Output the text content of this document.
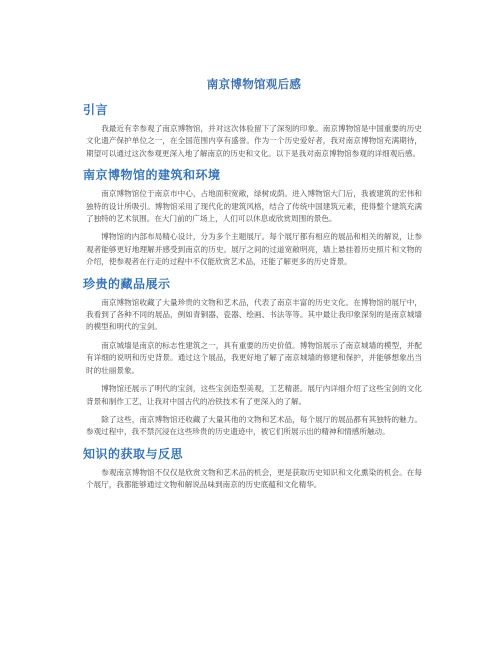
南京博物馆观后感
引言

我最近有幸参观了南京博物馆，并对这次体验留下了深刻的印象。南京博物馆是中国重要的历史文化遗产保护单位之一，在全国范围内享有盛誉。作为一个历史爱好者，我对南京博物馆充满期待，期望可以通过这次参观更深入地了解南京的历史和文化。以下是我对南京博物馆参观的详细观后感。

南京博物馆的建筑和环境

南京博物馆位于南京市中心，占地面积宽敞，绿树成荫。进入博物馆大门后，我被建筑的宏伟和独特的设计所吸引。博物馆采用了现代化的建筑风格，结合了传统中国建筑元素，使得整个建筑充满了独特的艺术氛围。在大门前的广场上，人们可以休息或欣赏周围的景色。

博物馆的内部布局精心设计，分为多个主题展厅。每个展厅都有相应的展品和相关的解说，让参观者能够更好地理解并感受到南京的历史。展厅之间的过道宽敞明亮，墙上悬挂着历史照片和文物的介绍，使参观者在行走的过程中不仅能欣赏艺术品，还能了解更多的历史背景。

珍贵的藏品展示

南京博物馆收藏了大量珍贵的文物和艺术品，代表了南京丰富的历史文化。在博物馆的展厅中，我看到了各种不同的展品，例如青铜器、瓷器、绘画、书法等等。其中最让我印象深刻的是南京城墙的模型和明代的宝剑。

南京城墙是南京的标志性建筑之一，具有重要的历史价值。博物馆展示了南京城墙的模型，并配有详细的说明和历史背景。通过这个展品，我更好地了解了南京城墙的修建和保护，并能够想象出当时的壮丽景象。

博物馆还展示了明代的宝剑，这些宝剑造型美观，工艺精湛。展厅内详细介绍了这些宝剑的文化背景和制作工艺，让我对中国古代的冶铁技术有了更深入的了解。

除了这些，南京博物馆还收藏了大量其他的文物和艺术品，每个展厅的展品都有其独特的魅力。参观过程中，我不禁沉浸在这些珍贵的历史遗迹中，被它们所展示出的精神和情感所触动。

知识的获取与反思

参观南京博物馆不仅仅是欣赏文物和艺术品的机会，更是获取历史知识和文化熏染的机会。在每个展厅，我都能够通过文物和解说品味到南京的历史底蕴和文化精华。
